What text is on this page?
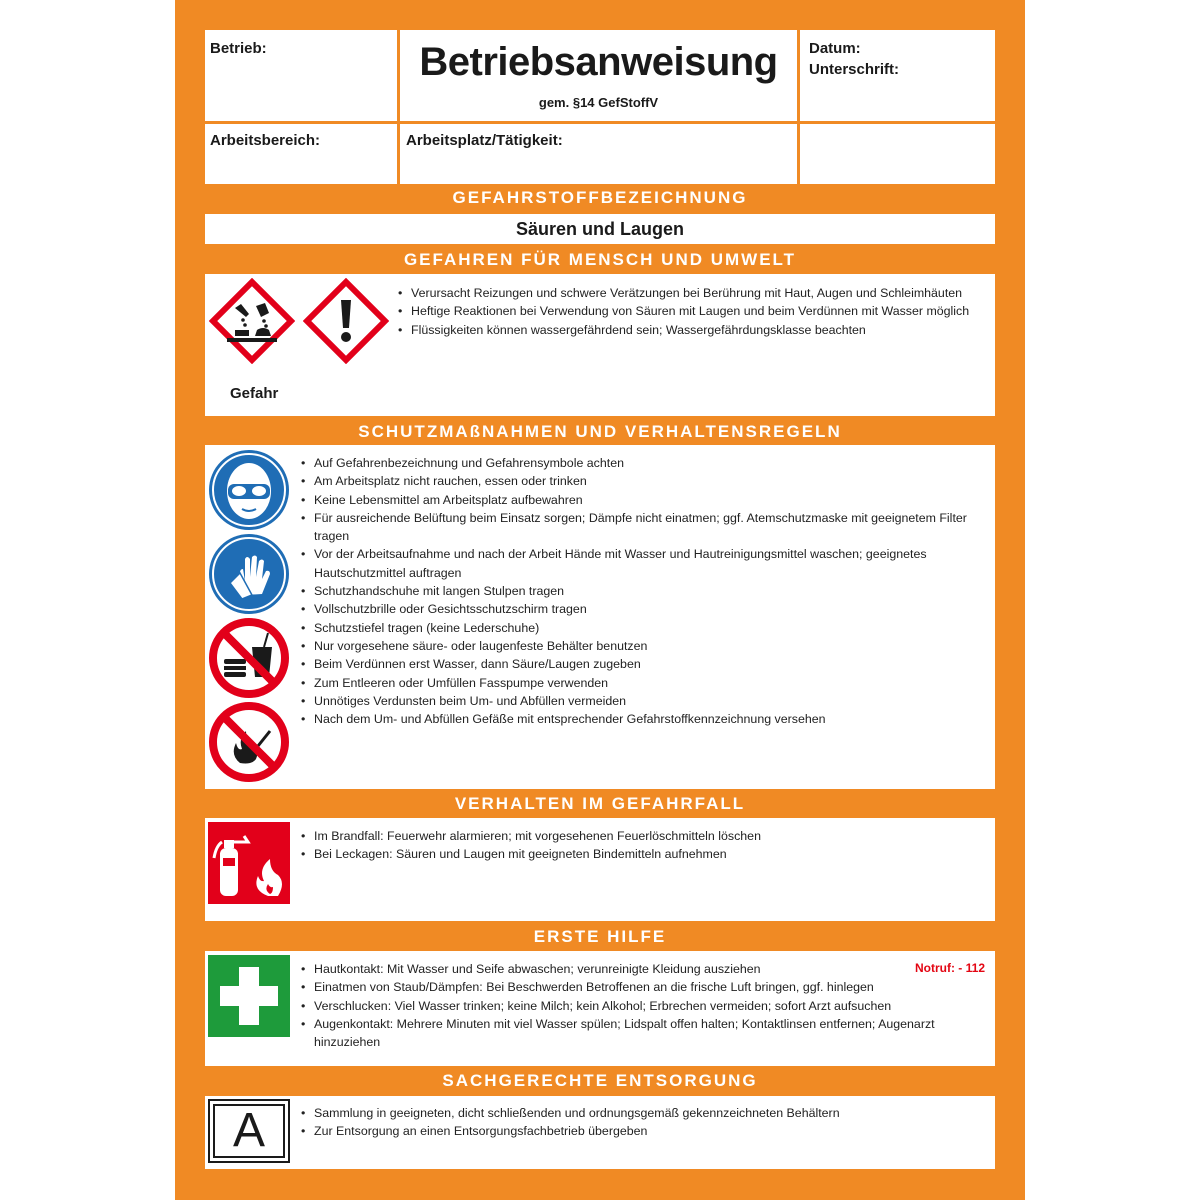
Betrieb:	Betriebsanweisung
gem. §14 GefStoffV
Datum:
Unterschrift:
Arbeitsbereich:	Arbeitsplatz/Tätigkeit:
GEFAHRSTOFFBEZEICHNUNG
Säuren und Laugen
GEFAHREN FÜR MENSCH UND UMWELT
Gefahr
• Verursacht Reizungen und schwere Verätzungen bei Berührung mit Haut, Augen und Schleimhäuten
• Heftige Reaktionen bei Verwendung von Säuren mit Laugen und beim Verdünnen mit Wasser möglich
• Flüssigkeiten können wassergefährdend sein; Wassergefährdungsklasse beachten
SCHUTZMAßNAHMEN UND VERHALTENSREGELN
• Auf Gefahrenbezeichnung und Gefahrensymbole achten
• Am Arbeitsplatz nicht rauchen, essen oder trinken
• Keine Lebensmittel am Arbeitsplatz aufbewahren
• Für ausreichende Belüftung beim Einsatz sorgen; Dämpfe nicht einatmen; ggf. Atemschutzmaske mit geeignetem Filter tragen
• Vor der Arbeitsaufnahme und nach der Arbeit Hände mit Wasser und Hautreinigungsmittel waschen; geeignetes Hautschutzmittel auftragen
• Schutzhandschuhe mit langen Stulpen tragen
• Vollschutzbrille oder Gesichtsschutzschirm tragen
• Schutzstiefel tragen (keine Lederschuhe)
• Nur vorgesehene säure- oder laugenfeste Behälter benutzen
• Beim Verdünnen erst Wasser, dann Säure/Laugen zugeben
• Zum Entleeren oder Umfüllen Fasspumpe verwenden
• Unnötiges Verdunsten beim Um- und Abfüllen vermeiden
• Nach dem Um- und Abfüllen Gefäße mit entsprechender Gefahrstoffkennzeichnung versehen
VERHALTEN IM GEFAHRFALL
• Im Brandfall: Feuerwehr alarmieren; mit vorgesehenen Feuerlöschmitteln löschen
• Bei Leckagen: Säuren und Laugen mit geeigneten Bindemitteln aufnehmen
ERSTE HILFE
Notruf: - 112
• Hautkontakt: Mit Wasser und Seife abwaschen; verunreinigte Kleidung ausziehen
• Einatmen von Staub/Dämpfen: Bei Beschwerden Betroffenen an die frische Luft bringen, ggf. hinlegen
• Verschlucken: Viel Wasser trinken; keine Milch; kein Alkohol; Erbrechen vermeiden; sofort Arzt aufsuchen
• Augenkontakt: Mehrere Minuten mit viel Wasser spülen; Lidspalt offen halten; Kontaktlinsen entfernen; Augenarzt hinzuziehen
SACHGERECHTE ENTSORGUNG
A
•	Sammlung in geeigneten, dicht schließenden und ordnungsgemäß gekennzeichneten Behältern
• Zur Entsorgung an einen Entsorgungsfachbetrieb übergeben
